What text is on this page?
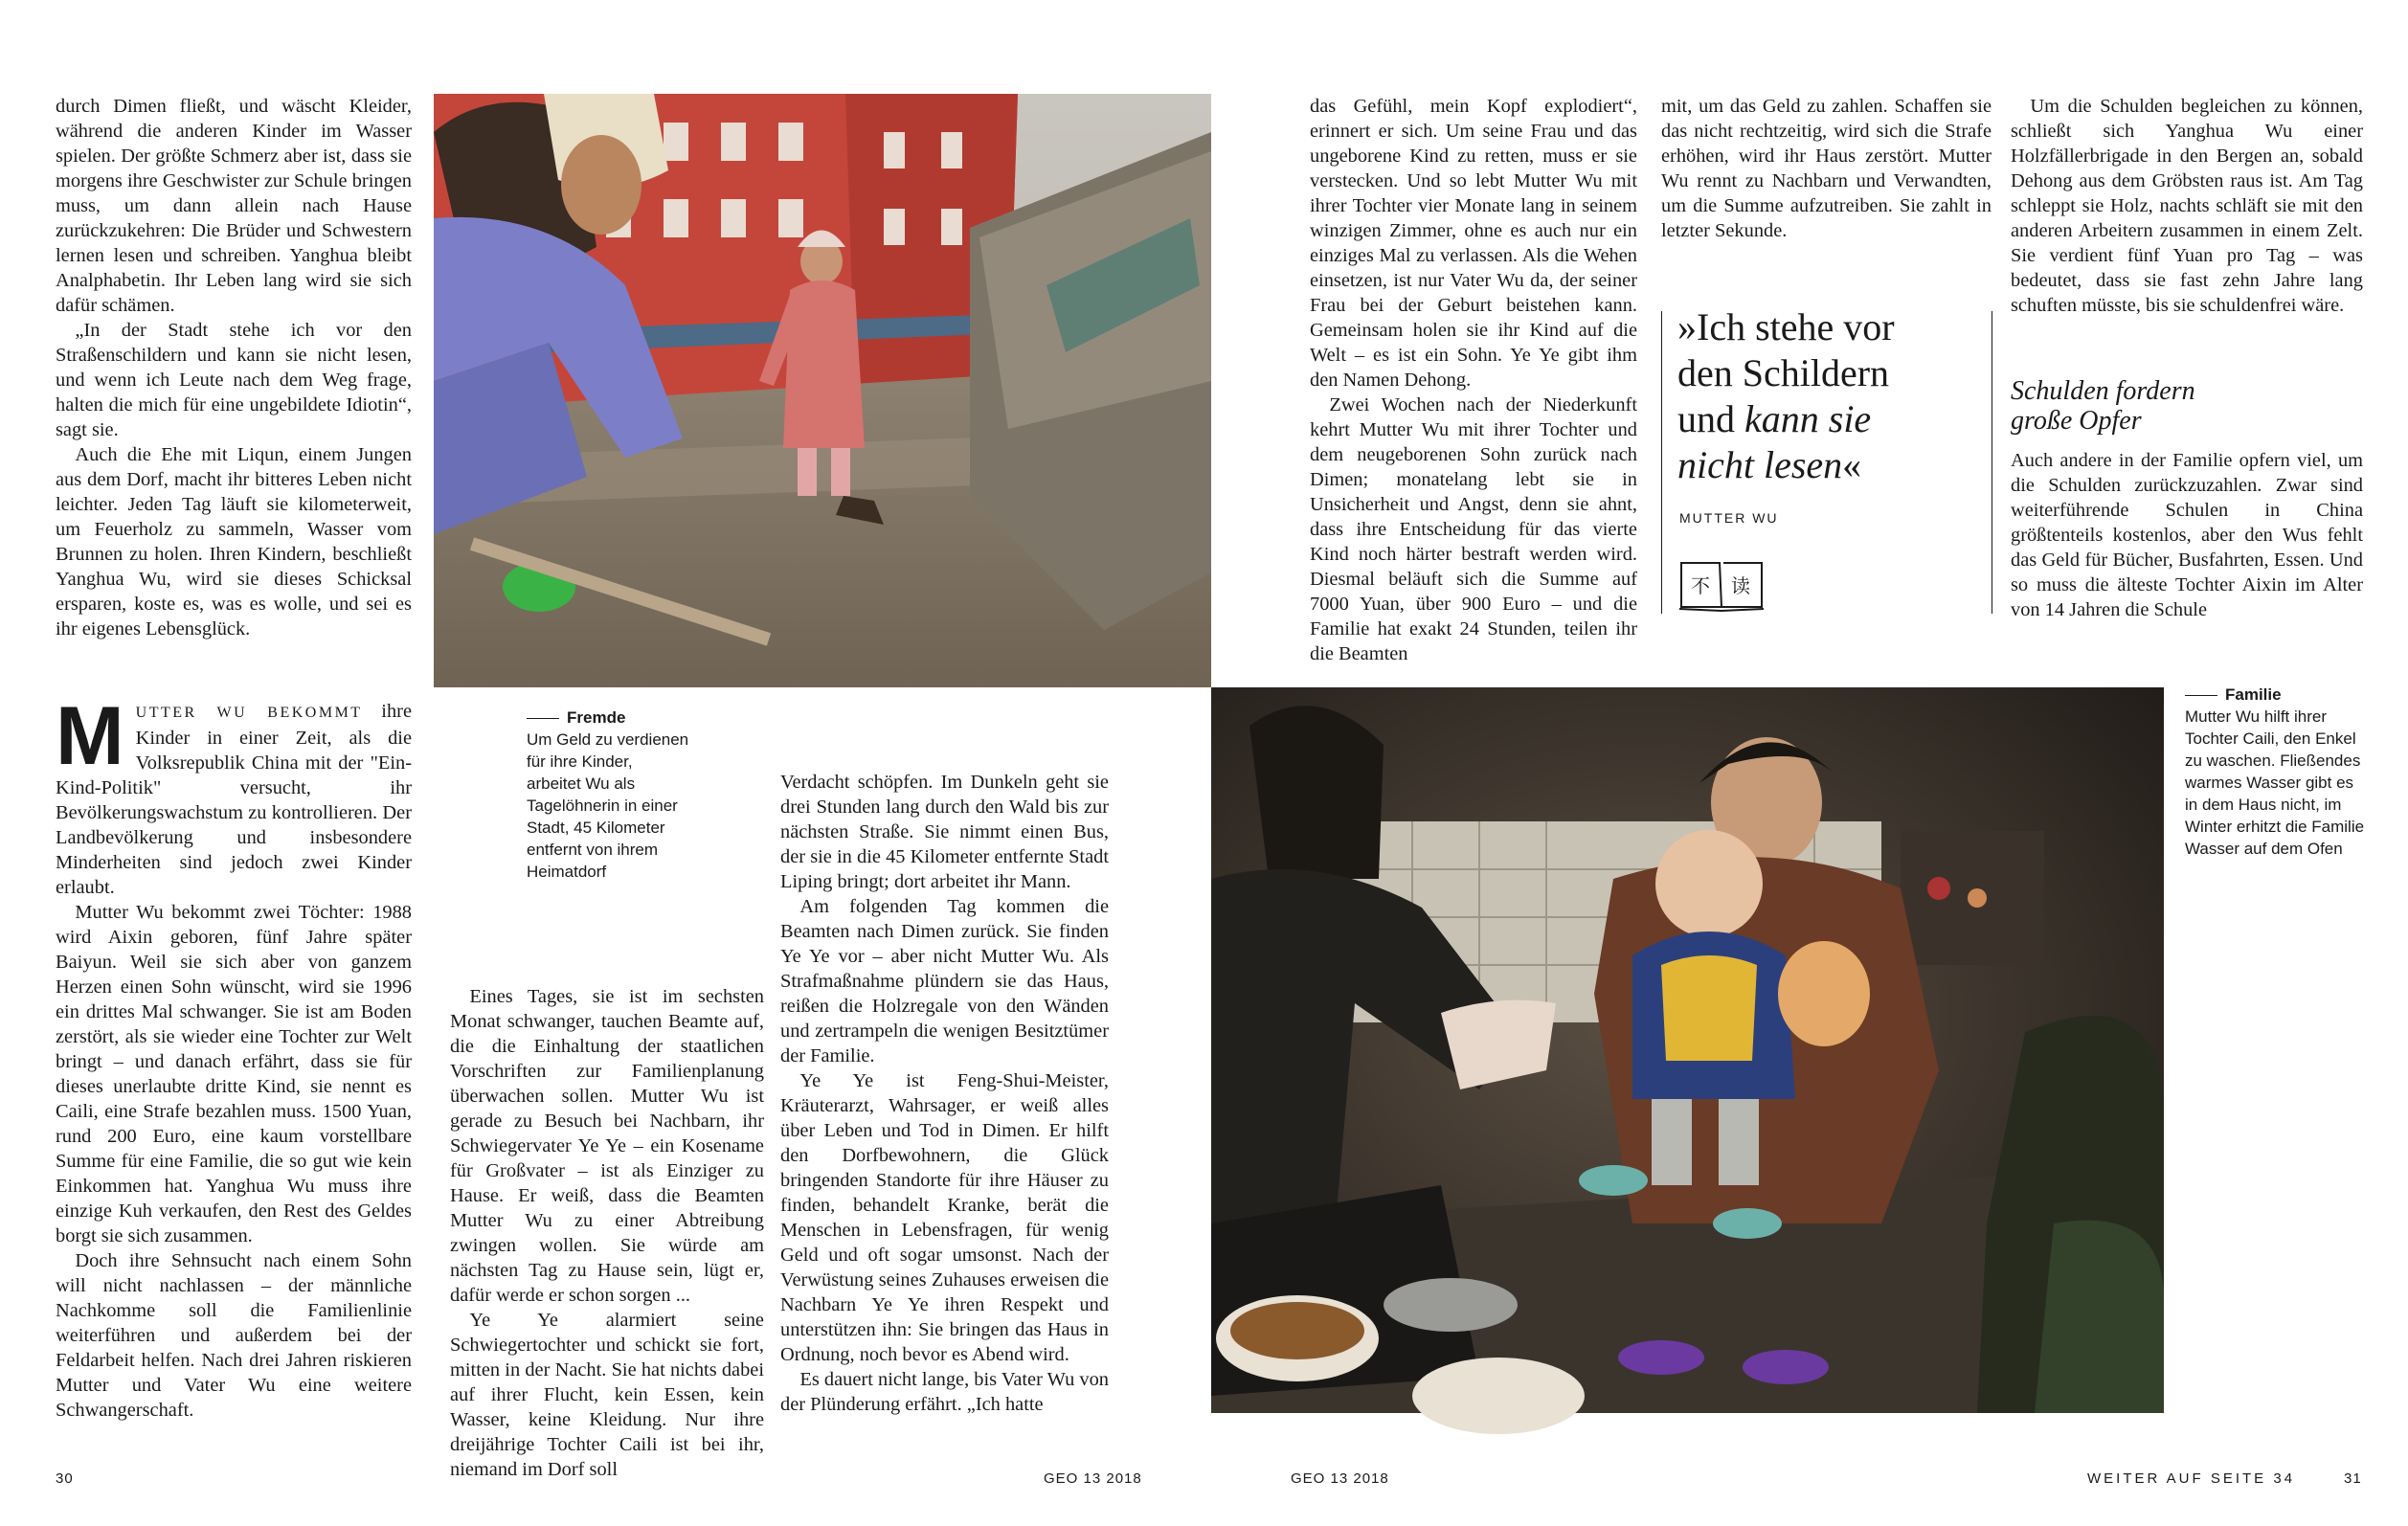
durch Dimen fließt, und wäscht Kleider, während die anderen Kinder im Wasser spielen. Der größte Schmerz aber ist, dass sie morgens ihre Geschwister zur Schule bringen muss, um dann allein nach Hause zurückzukehren: Die Brüder und Schwestern lernen lesen und schreiben. Yanghua bleibt Analphabetin. Ihr Leben lang wird sie sich dafür schämen.

„In der Stadt stehe ich vor den Straßenschildern und kann sie nicht lesen, und wenn ich Leute nach dem Weg frage, halten die mich für eine ungebildete Idiotin“, sagt sie.

Auch die Ehe mit Liqun, einem Jungen aus dem Dorf, macht ihr bitteres Leben nicht leichter. Jeden Tag läuft sie kilometerweit, um Feuerholz zu sammeln, Wasser vom Brunnen zu holen. Ihren Kindern, beschließt Yanghua Wu, wird sie dieses Schicksal ersparen, koste es, was es wolle, und sei es ihr eigenes Lebensglück.

MUTTER WU BEKOMMT ihre Kinder in einer Zeit, als die Volksrepublik China mit der "Ein-Kind-Politik" versucht, ihr Bevölkerungswachstum zu kontrollieren. Der Landbevölkerung und insbesondere Minderheiten sind jedoch zwei Kinder erlaubt.

Mutter Wu bekommt zwei Töchter: 1988 wird Aixin geboren, fünf Jahre später Baiyun. Weil sie sich aber von ganzem Herzen einen Sohn wünscht, wird sie 1996 ein drittes Mal schwanger. Sie ist am Boden zerstört, als sie wieder eine Tochter zur Welt bringt – und danach erfährt, dass sie für dieses unerlaubte dritte Kind, sie nennt es Caili, eine Strafe bezahlen muss. 1500 Yuan, rund 200 Euro, eine kaum vorstellbare Summe für eine Familie, die so gut wie kein Einkommen hat. Yanghua Wu muss ihre einzige Kuh verkaufen, den Rest des Geldes borgt sie sich zusammen.

Doch ihre Sehnsucht nach einem Sohn will nicht nachlassen – der männliche Nachkomme soll die Familienlinie weiterführen und außerdem bei der Feldarbeit helfen. Nach drei Jahren riskieren Mutter und Vater Wu eine weitere Schwangerschaft.

Fremde
Um Geld zu verdienen für ihre Kinder, arbeitet Wu als Tagelöhnerin in einer Stadt, 45 Kilometer entfernt von ihrem Heimatdorf

Eines Tages, sie ist im sechsten Monat schwanger, tauchen Beamte auf, die die Einhaltung der staatlichen Vorschriften zur Familienplanung überwachen sollen. Mutter Wu ist gerade zu Besuch bei Nachbarn, ihr Schwiegervater Ye Ye – ein Kosename für Großvater – ist als Einziger zu Hause. Er weiß, dass die Beamten Mutter Wu zu einer Abtreibung zwingen wollen. Sie würde am nächsten Tag zu Hause sein, lügt er, dafür werde er schon sorgen ...

Ye Ye alarmiert seine Schwiegertochter und schickt sie fort, mitten in der Nacht. Sie hat nichts dabei auf ihrer Flucht, kein Essen, kein Wasser, keine Kleidung. Nur ihre dreijährige Tochter Caili ist bei ihr, niemand im Dorf soll

Verdacht schöpfen. Im Dunkeln geht sie drei Stunden lang durch den Wald bis zur nächsten Straße. Sie nimmt einen Bus, der sie in die 45 Kilometer entfernte Stadt Liping bringt; dort arbeitet ihr Mann.

Am folgenden Tag kommen die Beamten nach Dimen zurück. Sie finden Ye Ye vor – aber nicht Mutter Wu. Als Strafmaßnahme plündern sie das Haus, reißen die Holzregale von den Wänden und zertrampeln die wenigen Besitztümer der Familie.

Ye Ye ist Feng-Shui-Meister, Kräuterarzt, Wahrsager, er weiß alles über Leben und Tod in Dimen. Er hilft den Dorfbewohnern, die Glück bringenden Standorte für ihre Häuser zu finden, behandelt Kranke, berät die Menschen in Lebensfragen, für wenig Geld und oft sogar umsonst. Nach der Verwüstung seines Zuhauses erweisen die Nachbarn Ye Ye ihren Respekt und unterstützen ihn: Sie bringen das Haus in Ordnung, noch bevor es Abend wird.

Es dauert nicht lange, bis Vater Wu von der Plünderung erfährt. „Ich hatte

das Gefühl, mein Kopf explodiert“, erinnert er sich. Um seine Frau und das ungeborene Kind zu retten, muss er sie verstecken. Und so lebt Mutter Wu mit ihrer Tochter vier Monate lang in seinem winzigen Zimmer, ohne es auch nur ein einziges Mal zu verlassen. Als die Wehen einsetzen, ist nur Vater Wu da, der seiner Frau bei der Geburt beistehen kann. Gemeinsam holen sie ihr Kind auf die Welt – es ist ein Sohn. Ye Ye gibt ihm den Namen Dehong.

Zwei Wochen nach der Niederkunft kehrt Mutter Wu mit ihrer Tochter und dem neugeborenen Sohn zurück nach Dimen; monatelang lebt sie in Unsicherheit und Angst, denn sie ahnt, dass ihre Entscheidung für das vierte Kind noch härter bestraft werden wird. Diesmal beläuft sich die Summe auf 7000 Yuan, über 900 Euro – und die Familie hat exakt 24 Stunden, teilen ihr die Beamten

mit, um das Geld zu zahlen. Schaffen sie das nicht rechtzeitig, wird sich die Strafe erhöhen, wird ihr Haus zerstört. Mutter Wu rennt zu Nachbarn und Verwandten, um die Summe aufzutreiben. Sie zahlt in letzter Sekunde.

»Ich stehe vor
den Schildern
und kann sie
nicht lesen«
MUTTER WU
不 读

Um die Schulden begleichen zu können, schließt sich Yanghua Wu einer Holzfällerbrigade in den Bergen an, sobald Dehong aus dem Gröbsten raus ist. Am Tag schleppt sie Holz, nachts schläft sie mit den anderen Arbeitern zusammen in einem Zelt. Sie verdient fünf Yuan pro Tag – was bedeutet, dass sie fast zehn Jahre lang schuften müsste, bis sie schuldenfrei wäre.

Schulden fordern
große Opfer

Auch andere in der Familie opfern viel, um die Schulden zurückzuzahlen. Zwar sind weiterführende Schulen in China größtenteils kostenlos, aber den Wus fehlt das Geld für Bücher, Busfahrten, Essen. Und so muss die älteste Tochter Aixin im Alter von 14 Jahren die Schule

Familie
Mutter Wu hilft ihrer Tochter Caili, den Enkel zu waschen. Fließendes warmes Wasser gibt es in dem Haus nicht, im Winter erhitzt die Familie Wasser auf dem Ofen
30	GEO 13 2018	GEO 13 2018	WEITER AUF SEITE 34	31
